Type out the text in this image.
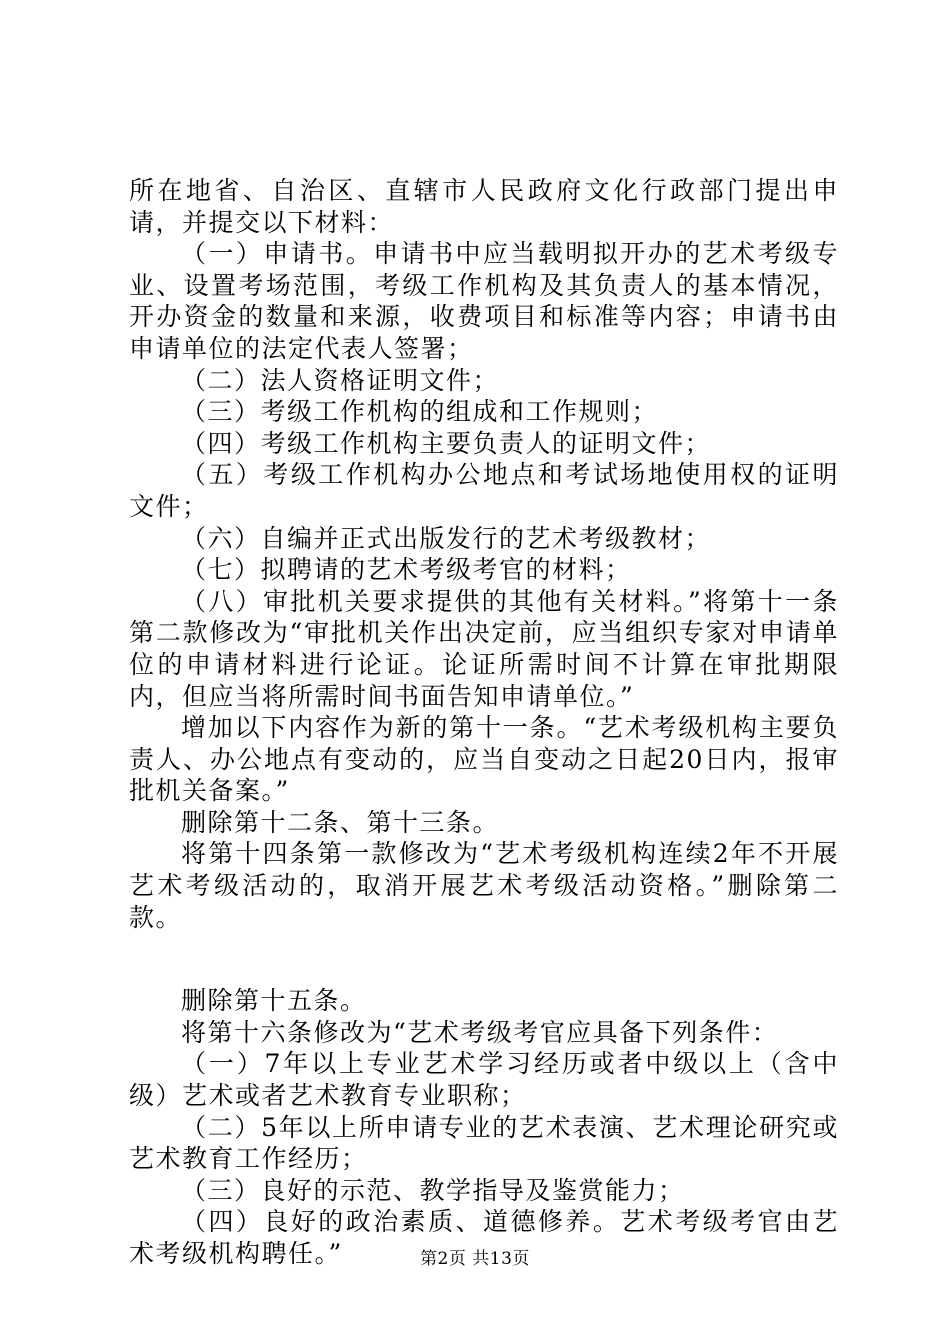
所在地省、自治区、直辖市人民政府文化行政部门提出申请，并提交以下材料：

（一）申请书。申请书中应当载明拟开办的艺术考级专业、设置考场范围，考级工作机构及其负责人的基本情况，开办资金的数量和来源，收费项目和标准等内容；申请书由申请单位的法定代表人签署；

（二）法人资格证明文件；

（三）考级工作机构的组成和工作规则；

（四）考级工作机构主要负责人的证明文件；

（五）考级工作机构办公地点和考试场地使用权的证明文件；

（六）自编并正式出版发行的艺术考级教材；

（七）拟聘请的艺术考级考官的材料；

（八）审批机关要求提供的其他有关材料。”将第十一条第二款修改为“审批机关作出决定前，应当组织专家对申请单位的申请材料进行论证。论证所需时间不计算在审批期限内，但应当将所需时间书面告知申请单位。”

增加以下内容作为新的第十一条。“艺术考级机构主要负责人、办公地点有变动的，应当自变动之日起20日内，报审批机关备案。”

删除第十二条、第十三条。

将第十四条第一款修改为“艺术考级机构连续2年不开展艺术考级活动的，取消开展艺术考级活动资格。”删除第二款。

删除第十五条。

将第十六条修改为“艺术考级考官应具备下列条件：

（一）7年以上专业艺术学习经历或者中级以上（含中级）艺术或者艺术教育专业职称；

（二）5年以上所申请专业的艺术表演、艺术理论研究或艺术教育工作经历；

（三）良好的示范、教学指导及鉴赏能力；

（四）良好的政治素质、道德修养。艺术考级考官由艺术考级机构聘任。”	第2页 共13页
